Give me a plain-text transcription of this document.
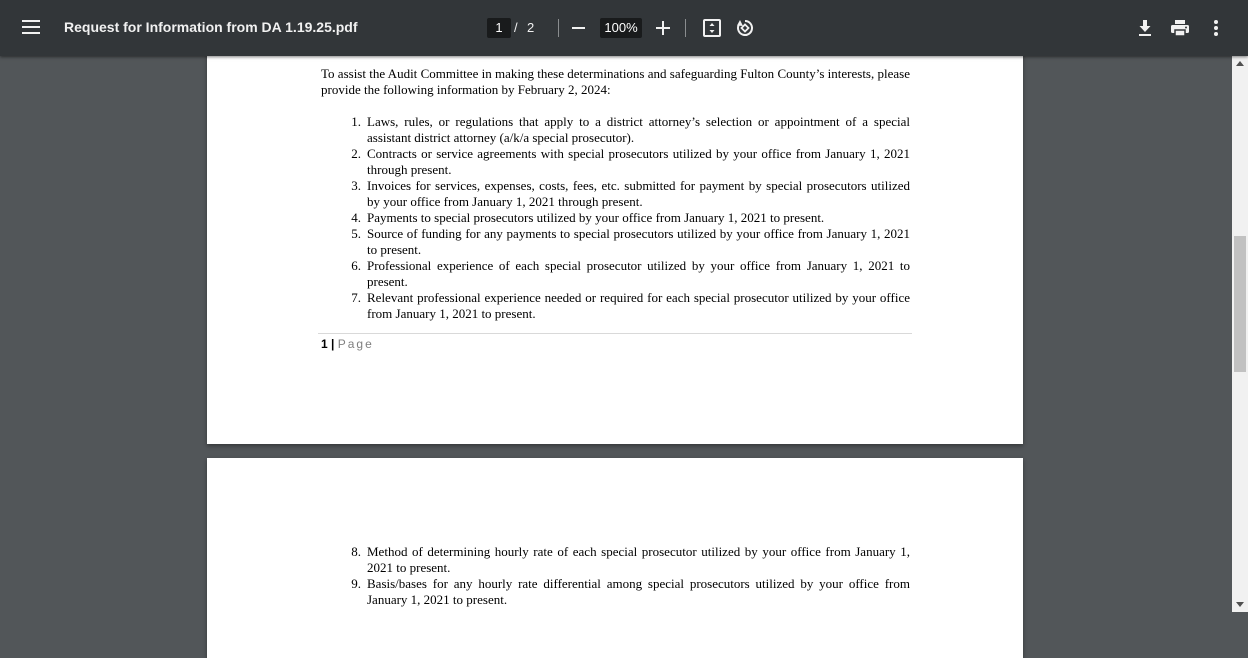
Request for Information from DA 1.19.25.pdf	1 / 2	100%
To assist the Audit Committee in making these determinations and safeguarding Fulton County’s interests, please provide the following information by February 2, 2024:
1. Laws, rules, or regulations that apply to a district attorney’s selection or appointment of a special assistant district attorney (a/k/a special prosecutor).
2. Contracts or service agreements with special prosecutors utilized by your office from January 1, 2021 through present.
3. Invoices for services, expenses, costs, fees, etc. submitted for payment by special prosecutors utilized by your office from January 1, 2021 through present.
4. Payments to special prosecutors utilized by your office from January 1, 2021 to present.
5. Source of funding for any payments to special prosecutors utilized by your office from January 1, 2021 to present.
6. Professional experience of each special prosecutor utilized by your office from January 1, 2021 to present.
7. Relevant professional experience needed or required for each special prosecutor utilized by your office from January 1, 2021 to present.
1 | Page
8. Method of determining hourly rate of each special prosecutor utilized by your office from January 1, 2021 to present.
9. Basis/bases for any hourly rate differential among special prosecutors utilized by your office from January 1, 2021 to present.
